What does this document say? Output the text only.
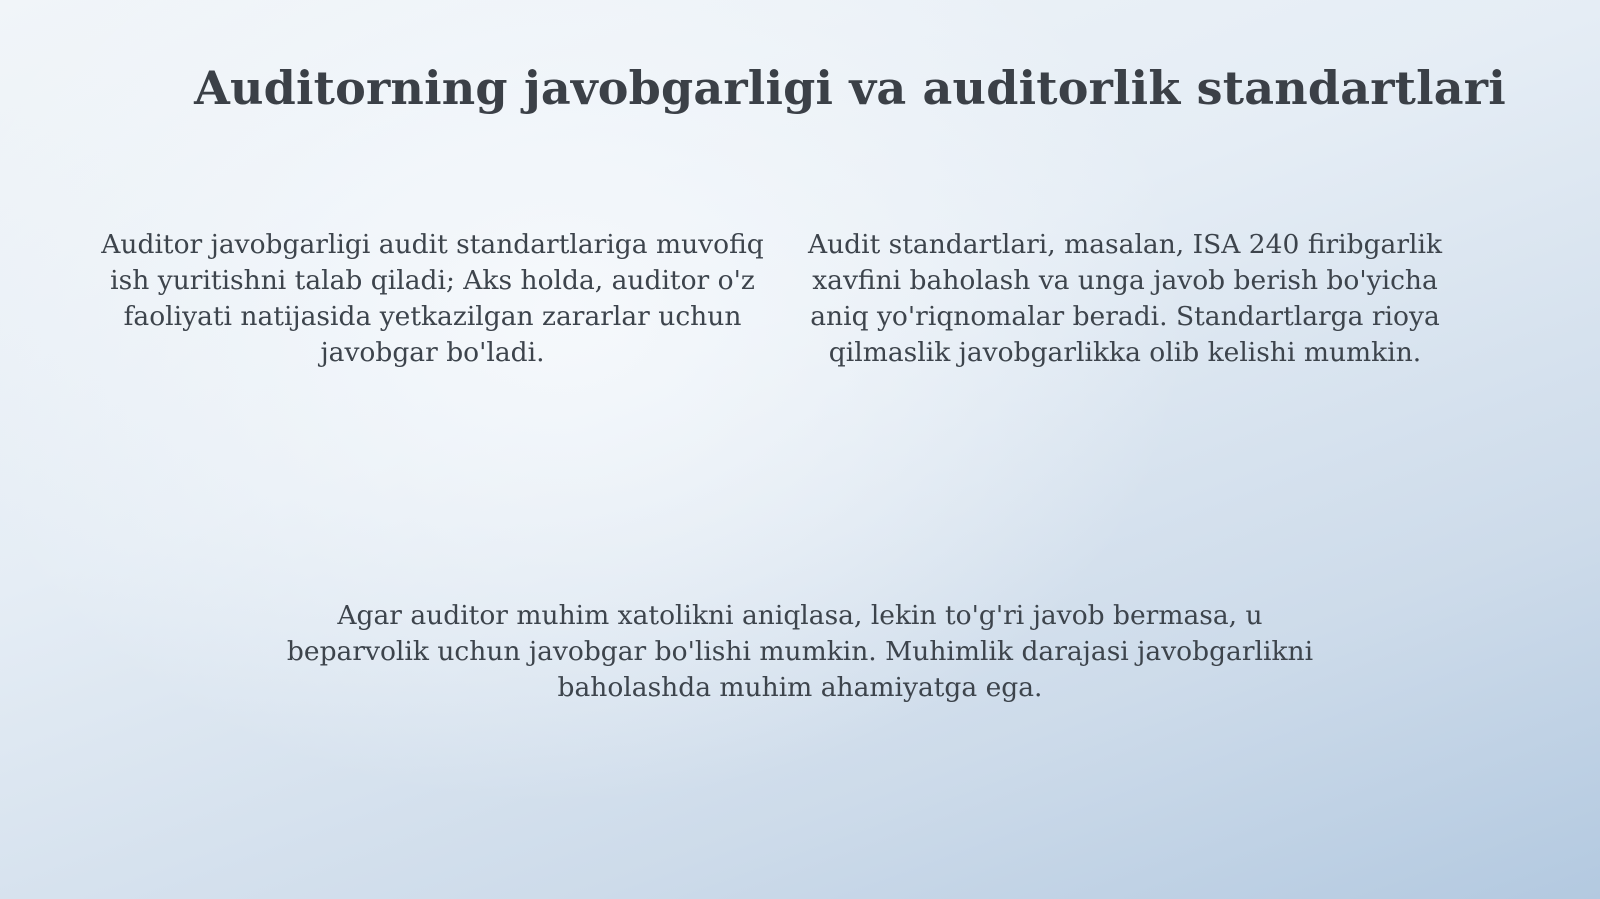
Auditorning javobgarligi va auditorlik standartlari

Auditor javobgarligi audit standartlariga muvofiq ish yuritishni talab qiladi; Aks holda, auditor o'z faoliyati natijasida yetkazilgan zararlar uchun javobgar bo'ladi.

Audit standartlari, masalan, ISA 240 firibgarlik xavfini baholash va unga javob berish bo'yicha aniq yo'riqnomalar beradi. Standartlarga rioya qilmaslik javobgarlikka olib kelishi mumkin.

Agar auditor muhim xatolikni aniqlasa, lekin to'g'ri javob bermasa, u beparvolik uchun javobgar bo'lishi mumkin. Muhimlik darajasi javobgarlikni baholashda muhim ahamiyatga ega.
